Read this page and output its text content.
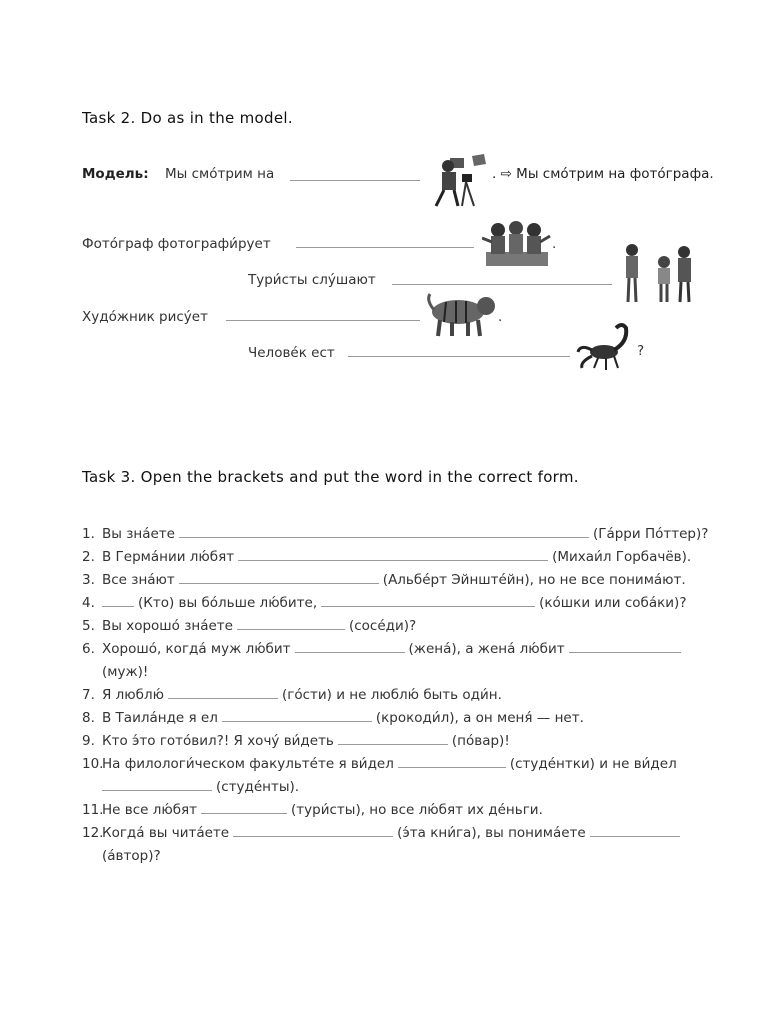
Task 2. Do as in the model.
Модель: Мы смо́трим на	. ⇨ Мы смо́трим на фото́графа.
Фото́граф фотографи́рует	.
Тури́сты слу́шают
Худо́жник рису́ет	.
Челове́к ест	?
Task 3. Open the brackets and put the word in the correct form.
1. Вы зна́ете	(Га́рри По́ттер)?
2. В Герма́нии лю́бят	(Михаи́л Горбачёв).
3. Все зна́ют	(Альбе́рт Эйнште́йн), но не все понима́ют.
4.	(Кто) вы бо́льше лю́бите,	(ко́шки или соба́ки)?
5. Вы хорошо́ зна́ете	(сосе́ди)?
6. Хорошо́, когда́ муж лю́бит	(жена́), а жена́ лю́бит
(муж)!
7. Я люблю́	(го́сти) и не люблю́ быть оди́н.
8. В Таила́нде я ел	(крокоди́л), а он меня́ — нет.
9. Кто э́то гото́вил?! Я хочу́ ви́деть	(по́вар)!
10.На филологи́ческом факульте́те я ви́дел	(студе́нтки) и не ви́дел
(студе́нты).
11.Не все лю́бят	(тури́сты), но все лю́бят их де́ньги.
12.Когда́ вы чита́ете	(э́та кни́га), вы понима́ете
(а́втор)?
